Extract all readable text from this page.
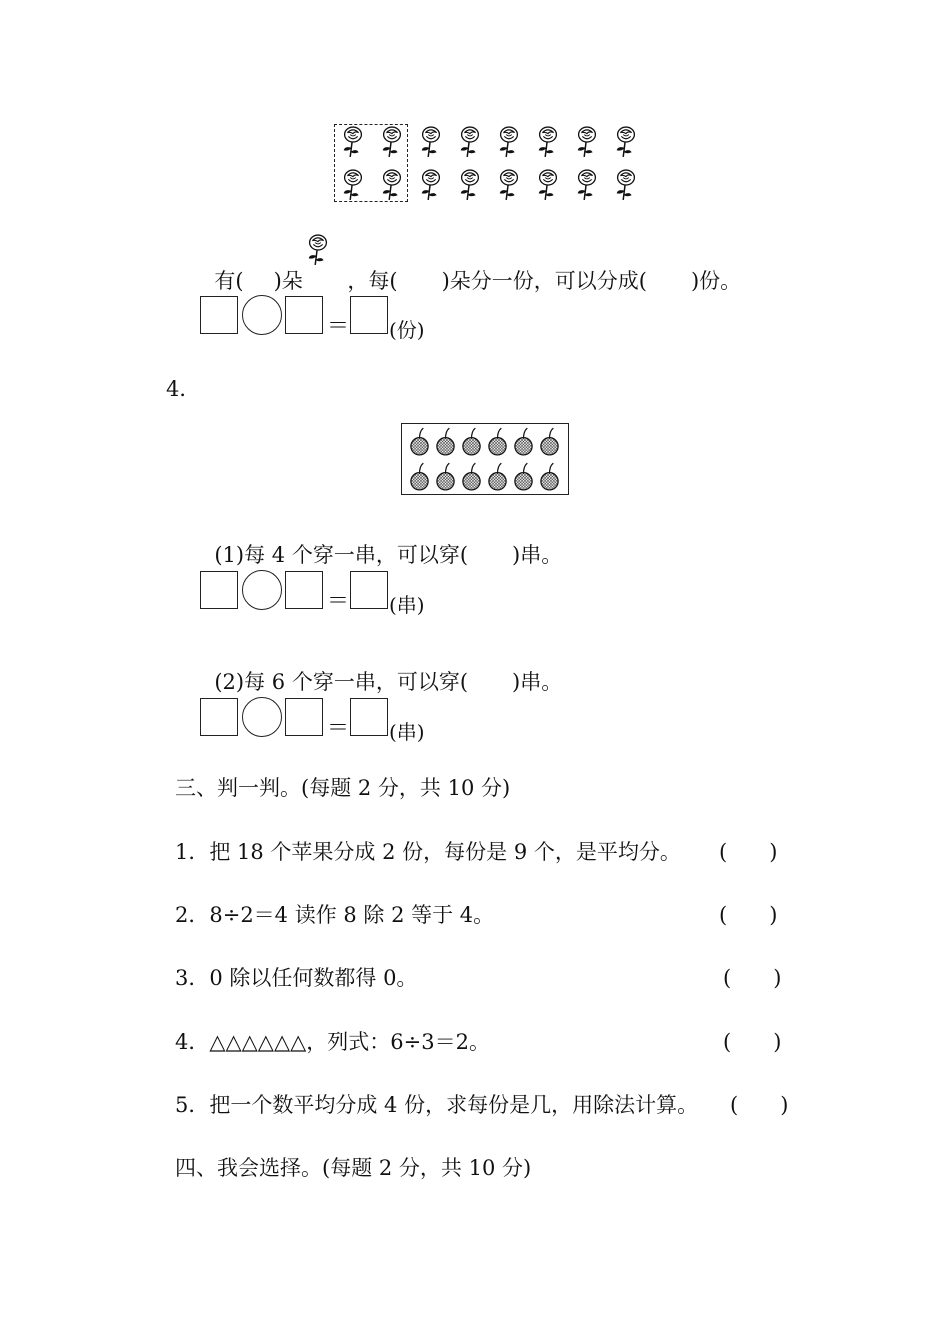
有( )朵	，每( )朵分一份，可以分成( )份。

＝ (份)
4．

(1)每 4 个穿一串，可以穿( )串。

＝ (串)

(2)每 6 个穿一串，可以穿( )串。

＝ (串)
三、判一判。(每题 2 分，共 10 分)
1．把 18 个苹果分成 2 份，每份是 9 个，是平均分。 (　　)
2．8÷2＝4 读作 8 除 2 等于 4。	(　　)
3．0 除以任何数都得 0。	(　　)
4．△△△△△△，列式：6÷3＝2。	(　　)
5．把一个数平均分成 4 份，求每份是几，用除法计算。 (　　)
四、我会选择。(每题 2 分，共 10 分)
